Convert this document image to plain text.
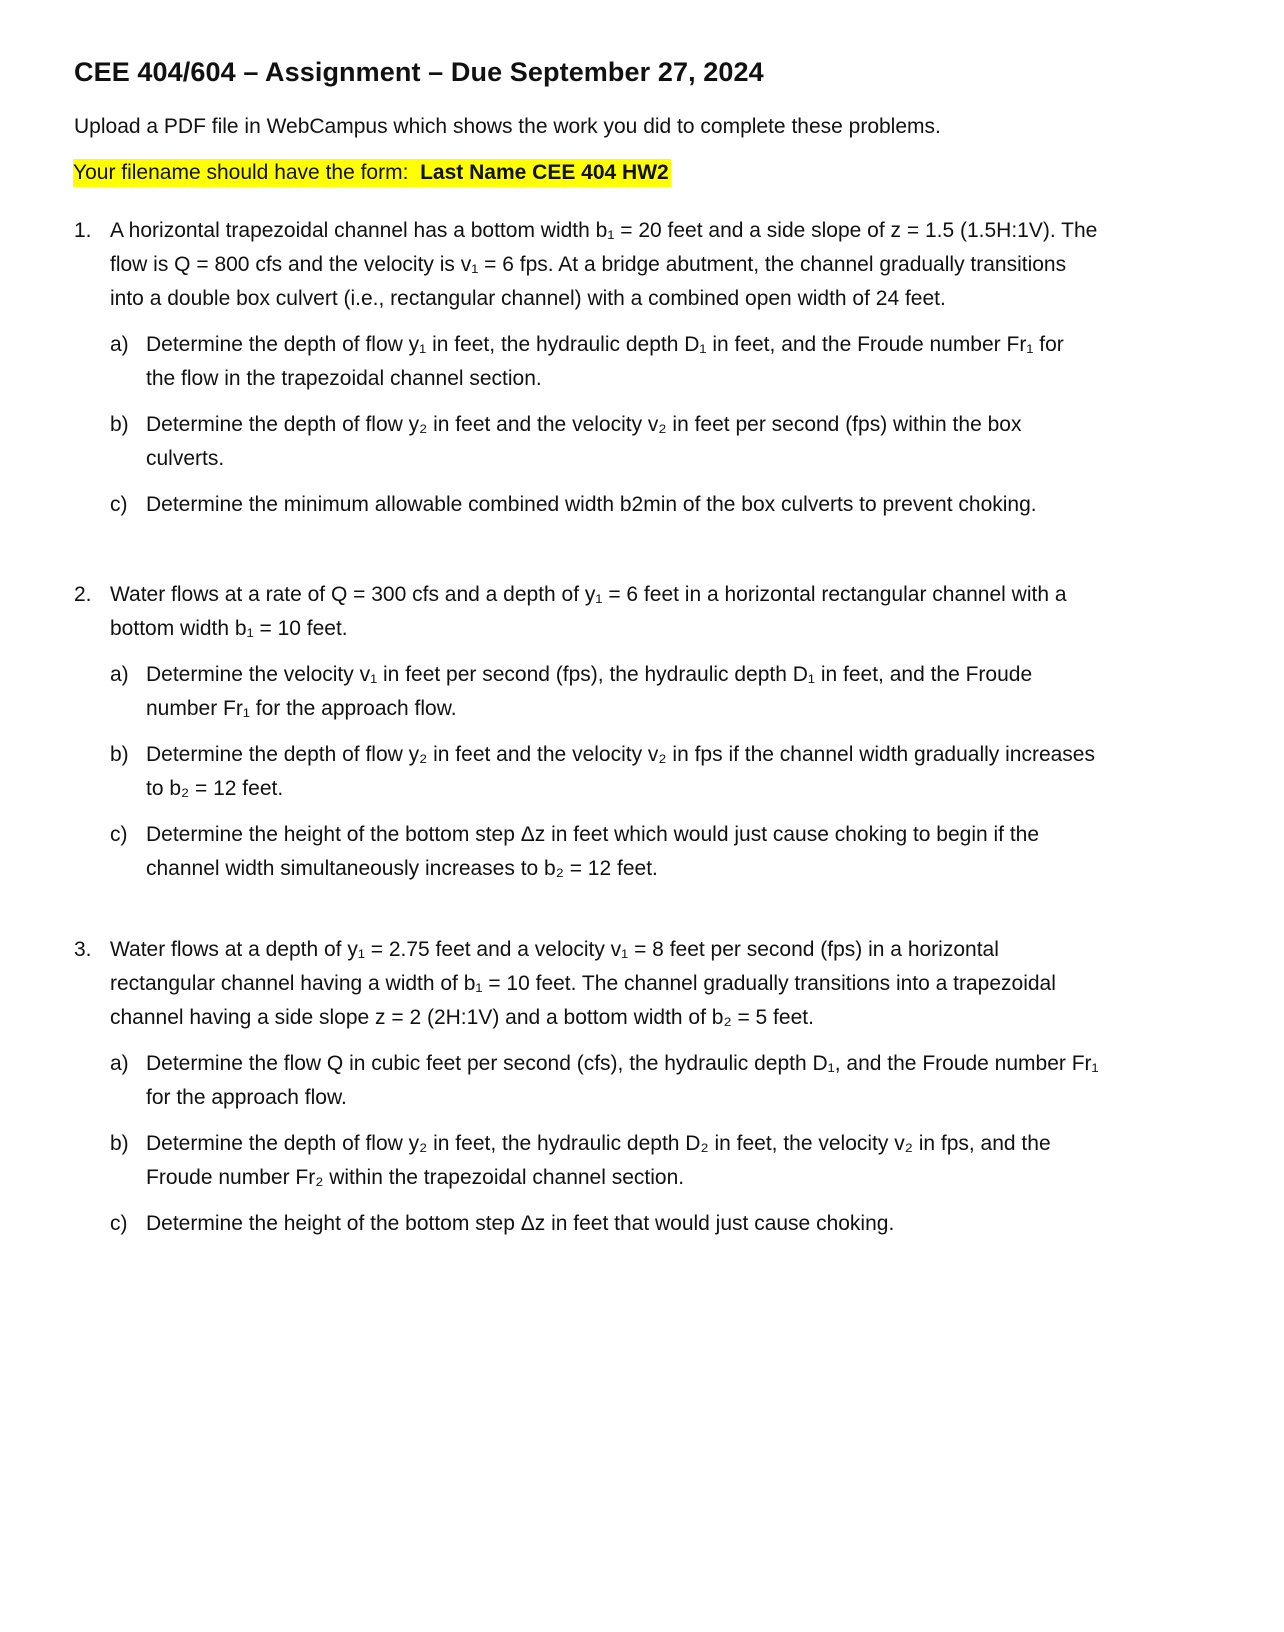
CEE 404/604 – Assignment – Due September 27, 2024
Upload a PDF file in WebCampus which shows the work you did to complete these problems.
Your filename should have the form:  Last Name CEE 404 HW2
1. A horizontal trapezoidal channel has a bottom width b₁ = 20 feet and a side slope of z = 1.5 (1.5H:1V). The
flow is Q = 800 cfs and the velocity is v₁ = 6 fps. At a bridge abutment, the channel gradually transitions
into a double box culvert (i.e., rectangular channel) with a combined open width of 24 feet.
a) Determine the depth of flow y₁ in feet, the hydraulic depth D₁ in feet, and the Froude number Fr₁ for
the flow in the trapezoidal channel section.
b) Determine the depth of flow y₂ in feet and the velocity v₂ in feet per second (fps) within the box
culverts.
c) Determine the minimum allowable combined width b2min of the box culverts to prevent choking.
2. Water flows at a rate of Q = 300 cfs and a depth of y₁ = 6 feet in a horizontal rectangular channel with a
bottom width b₁ = 10 feet.
a) Determine the velocity v₁ in feet per second (fps), the hydraulic depth D₁ in feet, and the Froude
number Fr₁ for the approach flow.
b) Determine the depth of flow y₂ in feet and the velocity v₂ in fps if the channel width gradually increases
to b₂ = 12 feet.
c) Determine the height of the bottom step Δz in feet which would just cause choking to begin if the
channel width simultaneously increases to b₂ = 12 feet.
3. Water flows at a depth of y₁ = 2.75 feet and a velocity v₁ = 8 feet per second (fps) in a horizontal
rectangular channel having a width of b₁ = 10 feet. The channel gradually transitions into a trapezoidal
channel having a side slope z = 2 (2H:1V) and a bottom width of b₂ = 5 feet.
a) Determine the flow Q in cubic feet per second (cfs), the hydraulic depth D₁, and the Froude number Fr₁
for the approach flow.
b) Determine the depth of flow y₂ in feet, the hydraulic depth D₂ in feet, the velocity v₂ in fps, and the
Froude number Fr₂ within the trapezoidal channel section.
c) Determine the height of the bottom step Δz in feet that would just cause choking.
